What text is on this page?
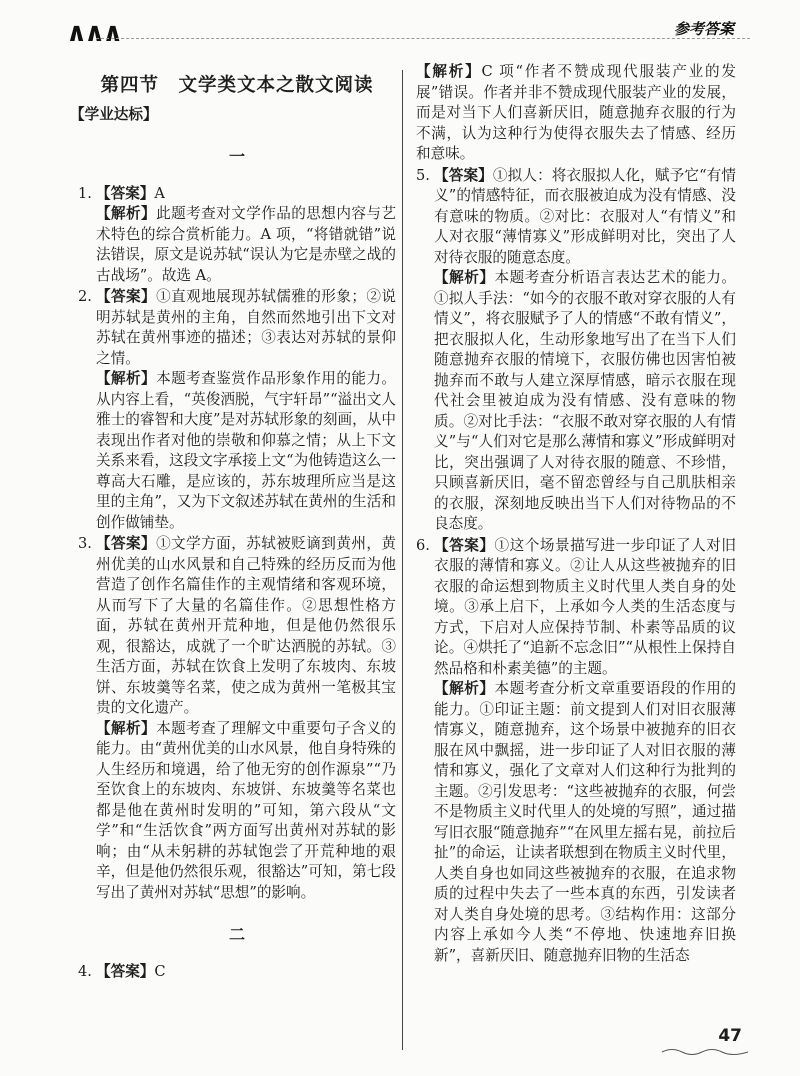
∧∧∧	参考答案
第四节　文学类文本之散文阅读
【学业达标】
一
1. 【答案】A
【解析】此题考查对文学作品的思想内容与艺术特色的综合赏析能力。A 项，“将错就错”说法错误，原文是说苏轼“误认为它是赤壁之战的古战场”。故选 A。
2. 【答案】①直观地展现苏轼儒雅的形象；②说明苏轼是黄州的主角，自然而然地引出下文对苏轼在黄州事迹的描述；③表达对苏轼的景仰之情。
【解析】本题考查鉴赏作品形象作用的能力。从内容上看，“英俊洒脱，气宇轩昂”“溢出文人雅士的睿智和大度”是对苏轼形象的刻画，从中表现出作者对他的崇敬和仰慕之情；从上下文关系来看，这段文字承接上文“为他铸造这么一尊高大石雕，是应该的，苏东坡理所应当是这里的主角”，又为下文叙述苏轼在黄州的生活和创作做铺垫。
3. 【答案】①文学方面，苏轼被贬谪到黄州，黄州优美的山水风景和自己特殊的经历反而为他营造了创作名篇佳作的主观情绪和客观环境，从而写下了大量的名篇佳作。②思想性格方面，苏轼在黄州开荒种地，但是他仍然很乐观，很豁达，成就了一个旷达洒脱的苏轼。③生活方面，苏轼在饮食上发明了东坡肉、东坡饼、东坡羹等名菜，使之成为黄州一笔极其宝贵的文化遗产。
【解析】本题考查了理解文中重要句子含义的能力。由“黄州优美的山水风景，他自身特殊的人生经历和境遇，给了他无穷的创作源泉”“乃至饮食上的东坡肉、东坡饼、东坡羹等名菜也都是他在黄州时发明的”可知，第六段从“文学”和“生活饮食”两方面写出黄州对苏轼的影响；由“从未躬耕的苏轼饱尝了开荒种地的艰辛，但是他仍然很乐观，很豁达”可知，第七段写出了黄州对苏轼“思想”的影响。
二
4. 【答案】C
【解析】C 项“作者不赞成现代服装产业的发展”错误。作者并非不赞成现代服装产业的发展，而是对当下人们喜新厌旧，随意抛弃衣服的行为不满，认为这种行为使得衣服失去了情感、经历和意味。
5. 【答案】①拟人：将衣服拟人化，赋予它“有情义”的情感特征，而衣服被迫成为没有情感、没有意味的物质。②对比：衣服对人“有情义”和人对衣服“薄情寡义”形成鲜明对比，突出了人对待衣服的随意态度。
【解析】本题考查分析语言表达艺术的能力。①拟人手法：“如今的衣服不敢对穿衣服的人有情义”，将衣服赋予了人的情感“不敢有情义”，把衣服拟人化，生动形象地写出了在当下人们随意抛弃衣服的情境下，衣服仿佛也因害怕被抛弃而不敢与人建立深厚情感，暗示衣服在现代社会里被迫成为没有情感、没有意味的物质。②对比手法：“衣服不敢对穿衣服的人有情义”与“人们对它是那么薄情和寡义”形成鲜明对比，突出强调了人对待衣服的随意、不珍惜，只顾喜新厌旧，毫不留恋曾经与自己肌肤相亲的衣服，深刻地反映出当下人们对待物品的不良态度。
6. 【答案】①这个场景描写进一步印证了人对旧衣服的薄情和寡义。②让人从这些被抛弃的旧衣服的命运想到物质主义时代里人类自身的处境。③承上启下，上承如今人类的生活态度与方式，下启对人应保持节制、朴素等品质的议论。④烘托了“追新不忘念旧”“从根性上保持自然品格和朴素美德”的主题。
【解析】本题考查分析文章重要语段的作用的能力。①印证主题：前文提到人们对旧衣服薄情寡义，随意抛弃，这个场景中被抛弃的旧衣服在风中飘摇，进一步印证了人对旧衣服的薄情和寡义，强化了文章对人们这种行为批判的主题。②引发思考：“这些被抛弃的衣服，何尝不是物质主义时代里人的处境的写照”，通过描写旧衣服“随意抛弃”“在风里左摇右晃，前拉后扯”的命运，让读者联想到在物质主义时代里，人类自身也如同这些被抛弃的衣服，在追求物质的过程中失去了一些本真的东西，引发读者对人类自身处境的思考。③结构作用：这部分内容上承如今人类“不停地、快速地弃旧换新”，喜新厌旧、随意抛弃旧物的生活态
47
